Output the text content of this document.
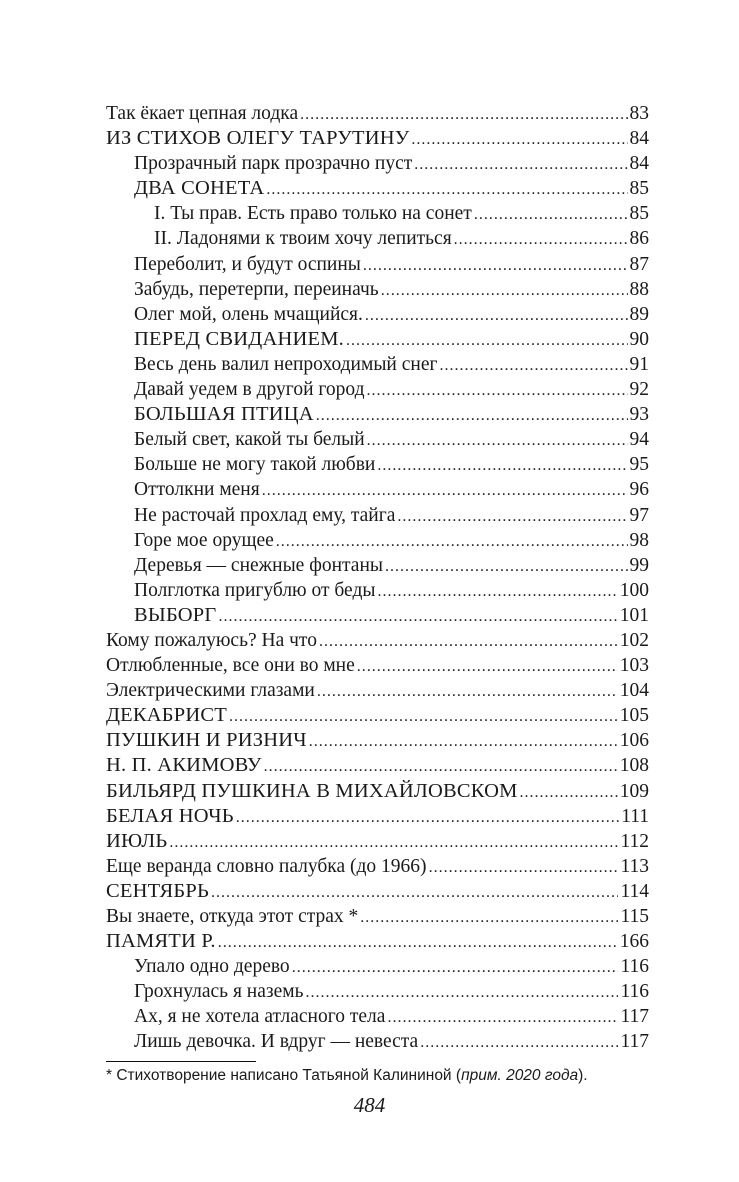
Так ёкает цепная лодка .....	83
ИЗ СТИХОВ ОЛЕГУ ТАРУТИНУ .....	84
Прозрачный парк прозрачно пуст .....	84
ДВА СОНЕТА .....	85
I. Ты прав. Есть право только на сонет .....	85
II. Ладонями к твоим хочу лепиться .....	86
Переболит, и будут оспины .....	87
Забудь, перетерпи, переиначь .....	88
Олег мой, олень мчащийся. .....	89
ПЕРЕД СВИДАНИЕМ. .....	90
Весь день валил непроходимый снег .....	91
Давай уедем в другой город .....	92
БОЛЬШАЯ ПТИЦА .....	93
Белый свет, какой ты белый .....	94
Больше не могу такой любви .....	95
Оттолкни меня .....	96
Не расточай прохлад ему, тайга .....	97
Горе мое орущее .....	98
Деревья — снежные фонтаны .....	99
Полглотка пригублю от беды .....	100
ВЫБОРГ .....	101
Кому пожалуюсь? На что .....	102
Отлюбленные, все они во мне .....	103
Электрическими глазами .....	104
ДЕКАБРИСТ .....	105
ПУШКИН И РИЗНИЧ .....	106
Н. П. АКИМОВУ .....	108
БИЛЬЯРД ПУШКИНА В МИХАЙЛОВСКОМ .....	109
БЕЛАЯ НОЧЬ .....	111
ИЮЛЬ .....	112
Еще веранда словно палубка (до 1966) .....	113
СЕНТЯБРЬ .....	114
Вы знаете, откуда этот страх * .....	115
ПАМЯТИ Р. .....	166
Упало одно дерево .....	116
Грохнулась я наземь .....	116
Ах, я не хотела атласного тела .....	117
Лишь девочка. И вдруг — невеста .....	117
* Стихотворение написано Татьяной Калининой (прим. 2020 года).
484
